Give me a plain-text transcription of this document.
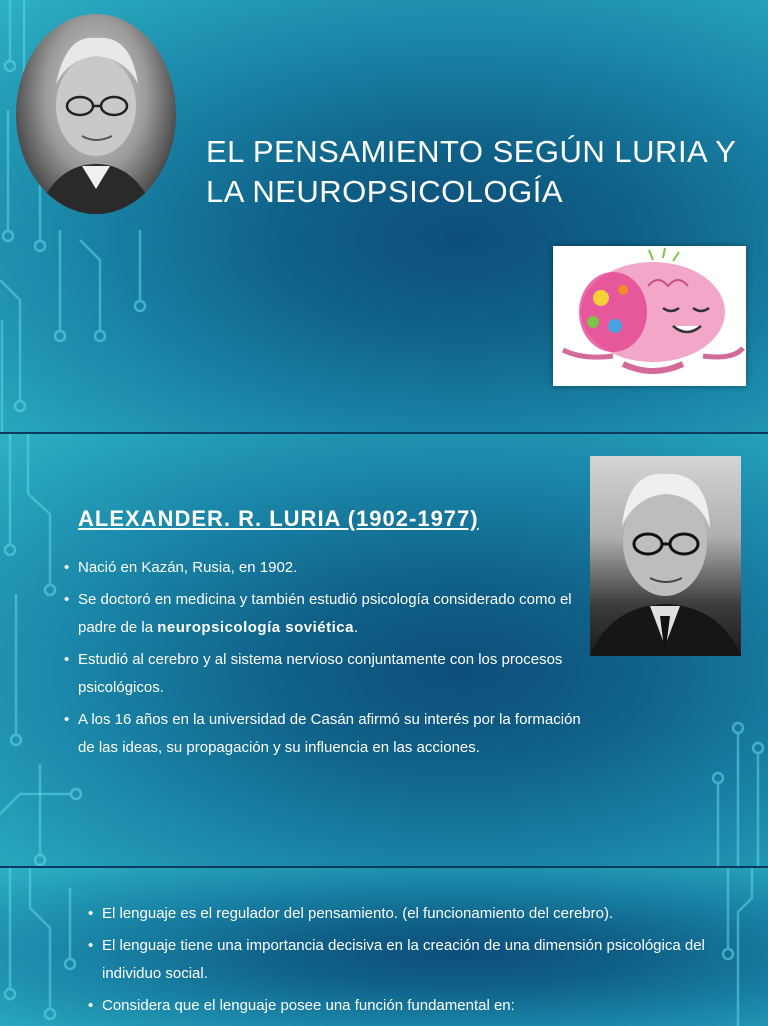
EL PENSAMIENTO SEGÚN LURIA Y LA NEUROPSICOLOGÍA
ALEXANDER. R. LURIA (1902-1977)
• Nació en Kazán, Rusia, en 1902.
• Se doctoró en medicina y también estudió psicología considerado como el padre de la neuropsicología soviética.
• Estudió al cerebro y al sistema nervioso conjuntamente con los procesos psicológicos.
• A los 16 años en la universidad de Casán afirmó su interés por la formación de las ideas, su propagación y su influencia en las acciones.
• El lenguaje es el regulador del pensamiento. (el funcionamiento del cerebro).
• El lenguaje tiene una importancia decisiva en la creación de una dimensión psicológica del individuo social.
• Considera que el lenguaje posee una función fundamental en:
